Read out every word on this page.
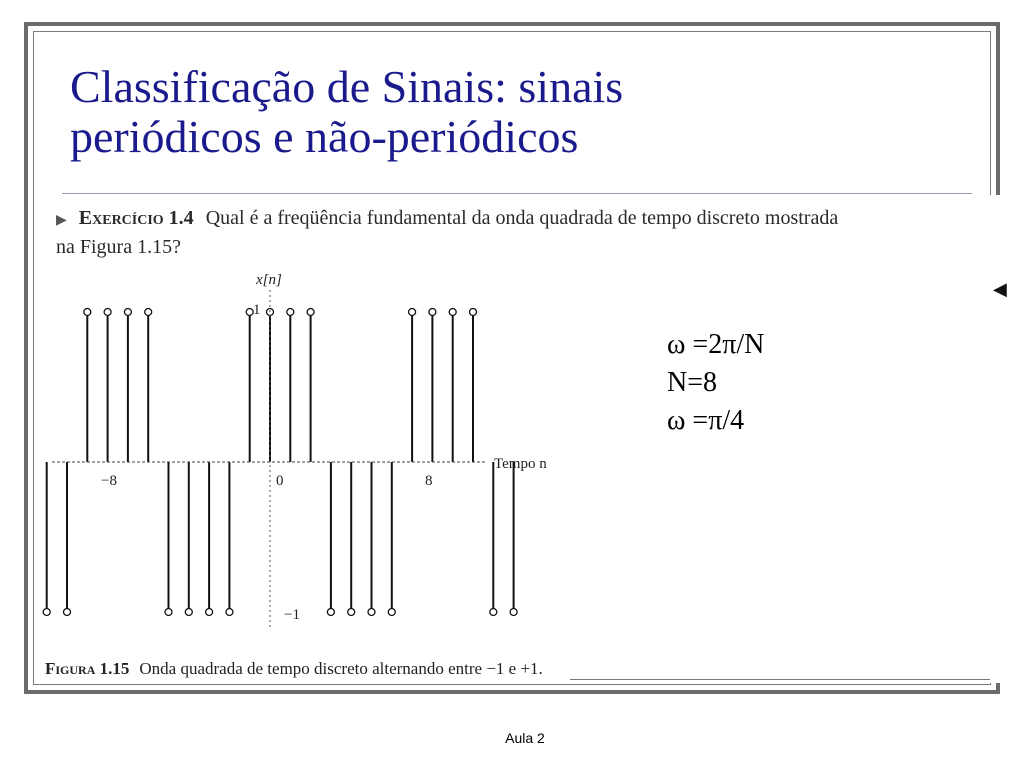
Classificação de Sinais: sinais
periódicos e não-periódicos

▶ Exercício 1.4 Qual é a freqüência fundamental da onda quadrada de tempo discreto mostrada
na Figura 1.15?

x[n]
Tempo n
−8	0	8
1
−1

Figura 1.15 Onda quadrada de tempo discreto alternando entre −1 e +1.

◀
ω =2π/N
N=8
ω =π/4
Aula 2
